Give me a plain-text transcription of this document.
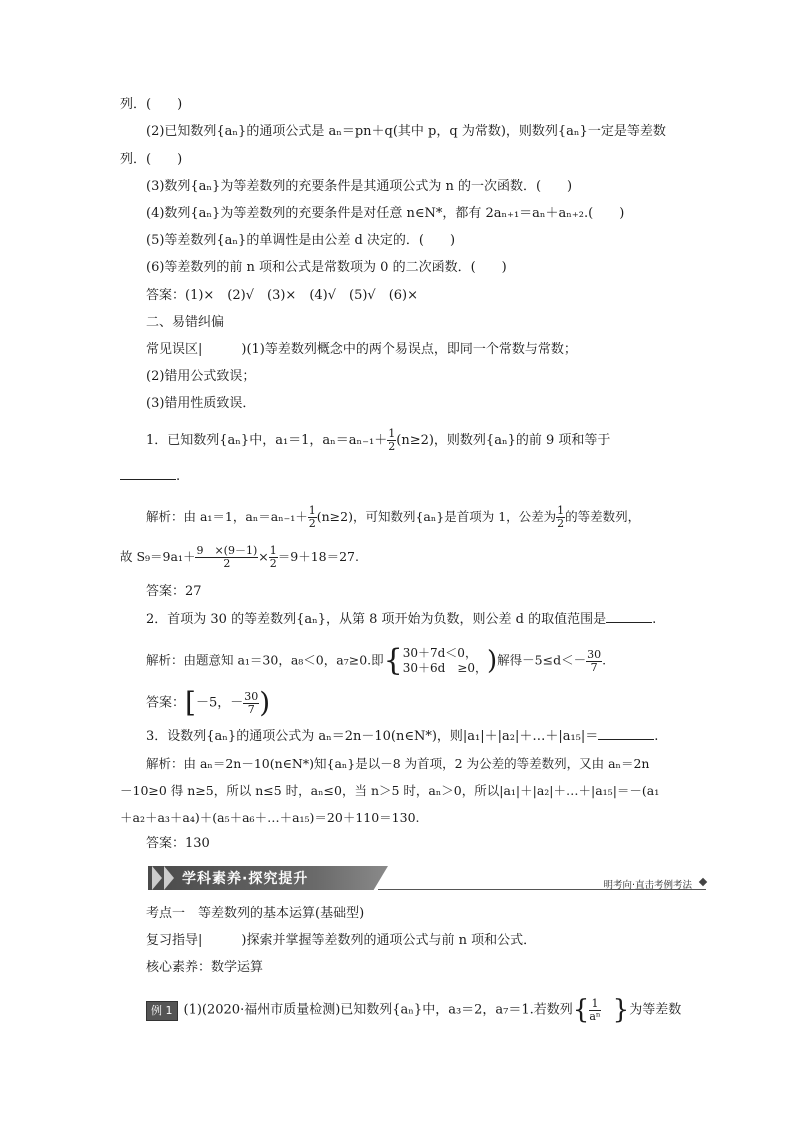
列．(　　)
(2)已知数列{aₙ}的通项公式是 aₙ＝pn＋q(其中 p，q 为常数)，则数列{aₙ}一定是等差数
列．(　　)
(3)数列{aₙ}为等差数列的充要条件是其通项公式为 n 的一次函数．(　　)
(4)数列{aₙ}为等差数列的充要条件是对任意 n∈N*，都有 2aₙ₊₁＝aₙ＋aₙ₊₂.(　　)
(5)等差数列{aₙ}的单调性是由公差 d 决定的．(　　)
(6)等差数列的前 n 项和公式是常数项为 0 的二次函数．(　　)
答案：(1)×　(2)√　(3)×　(4)√　(5)√　(6)×
二、易错纠偏
常见误区|　　　)(1)等差数列概念中的两个易误点，即同一个常数与常数；
(2)错用公式致误；
(3)错用性质致误．
1．已知数列{aₙ}中，a₁＝1，$a_n=a_{n-1}+ \frac{1}{2} (n\ge 2)$，则数列{aₙ}的前 9 项和等于
.
解析：由 a₁＝1，$a_n=a_{n-1}+ \frac{1}{2} (n\ge 2)$，可知数列{aₙ}是首项为 1，公差为 $\frac{1}{2}$ 的等差数列，
故 $S_9=9a_1+ \frac{9 \times(9-1)}{2} \times \frac{1}{2} =9+18=27$.
答案：27
2．首项为 30 的等差数列{aₙ}，从第 8 项开始为负数，则公差 d 的取值范围是	.
解析：由题意知 a₁＝30，a₈＜0，a₇≥0.即{ 30＋7d＜0，
30＋6d　≥0， )解得$-5\le d<- \frac{30}{7}$ .
答案：[－5，－ $\frac{30}{7}$ )
3．设数列{aₙ}的通项公式为 aₙ＝2n－10(n∈N*)，则|a₁|＋|a₂|＋…＋|a₁₅|＝	.
解析：由 aₙ＝2n－10(n∈N*)知{aₙ}是以－8 为首项，2 为公差的等差数列，又由 aₙ＝2n
－10≥0 得 n≥5，所以 n≤5 时，aₙ≤0，当 n＞5 时，aₙ＞0，所以|a₁|＋|a₂|＋…＋|a₁₅|＝－(a₁
＋a₂＋a₃＋a₄)＋(a₅＋a₆＋…＋a₁₅)＝20＋110＝130.
答案：130
学科素养·探究提升	明考向·直击考例考法
考点一　等差数列的基本运算(基础型)
复习指导|　　　)探索并掌握等差数列的通项公式与前 n 项和公式．
核心素养：数学运算
例 1 (1)(2020·福州市质量检测)已知数列{aₙ}中，a₃＝2，a₇＝1.若数列{ $\frac{1}{\text{aⁿ}}$ }为等差数
